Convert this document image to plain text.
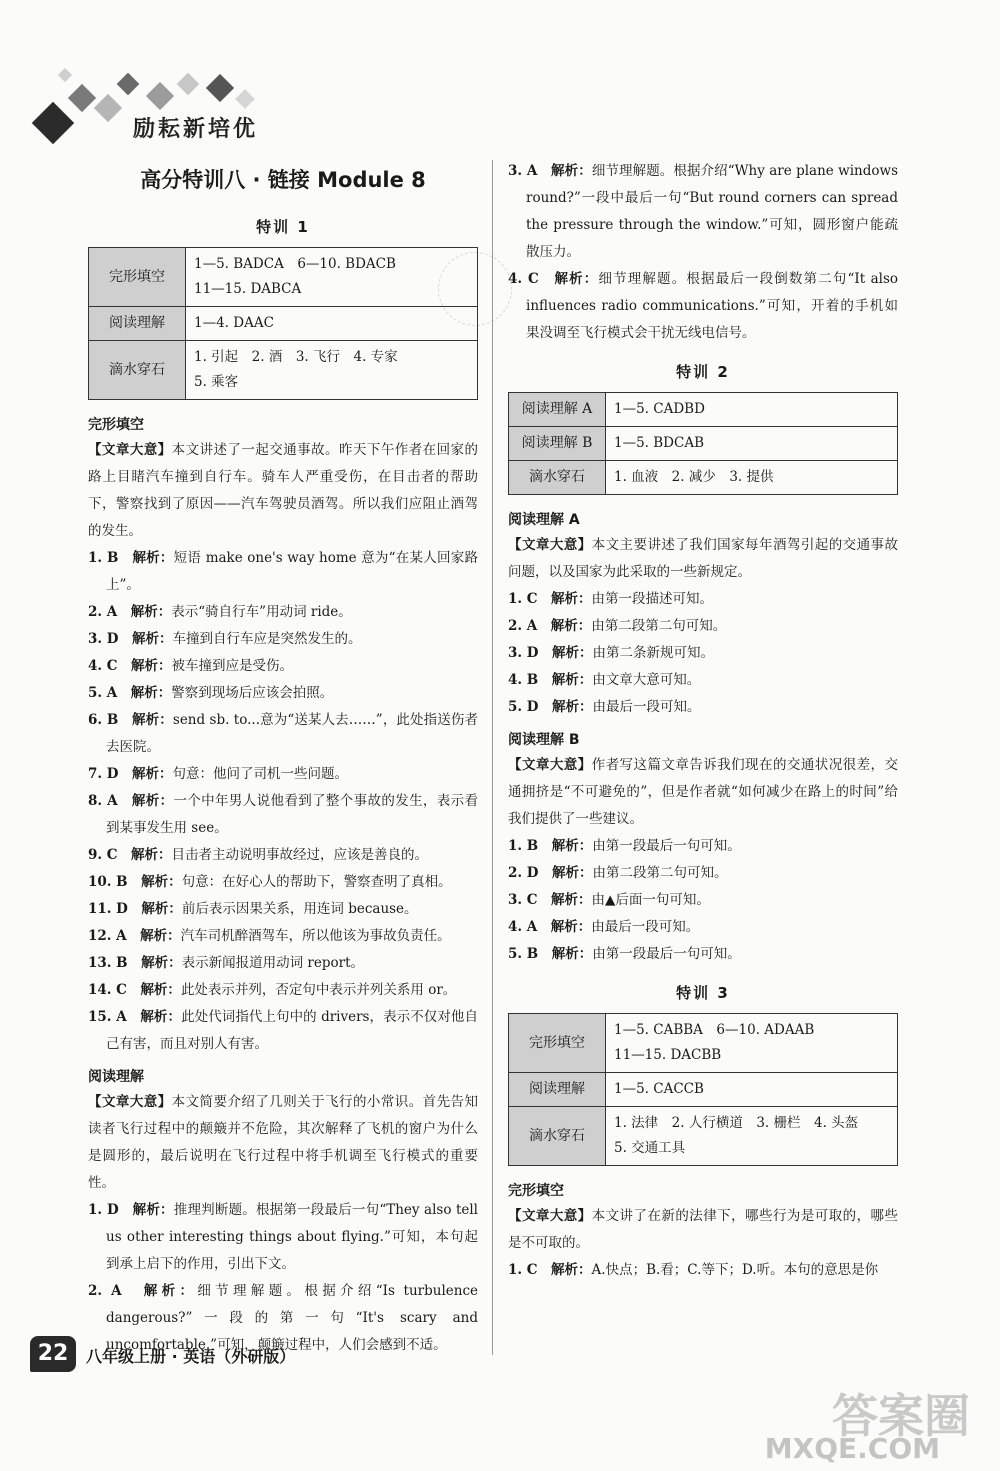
励耘新培优
高分特训八 · 链接 Module 8
特训 1
完形填空	1—5. BADCA　6—10. BDACB
11—15. DABCA

阅读理解	1—4. DAAC

滴水穿石	1. 引起　2. 酒　3. 飞行　4. 专家
5. 乘客
完形填空

【文章大意】本文讲述了一起交通事故。昨天下午作者在回家的路上目睹汽车撞到自行车。骑车人严重受伤，在目击者的帮助下，警察找到了原因——汽车驾驶员酒驾。所以我们应阻止酒驾的发生。

1. B　解析：短语 make one's way home 意为“在某人回家路上”。

2. A　解析：表示“骑自行车”用动词 ride。

3. D　解析：车撞到自行车应是突然发生的。

4. C　解析：被车撞到应是受伤。

5. A　解析：警察到现场后应该会拍照。

6. B　解析：send sb. to...意为“送某人去……”，此处指送伤者去医院。

7. D　解析：句意：他问了司机一些问题。

8. A　解析：一个中年男人说他看到了整个事故的发生，表示看到某事发生用 see。

9. C　解析：目击者主动说明事故经过，应该是善良的。

10. B　解析：句意：在好心人的帮助下，警察查明了真相。

11. D　解析：前后表示因果关系，用连词 because。

12. A　解析：汽车司机醉酒驾车，所以他该为事故负责任。

13. B　解析：表示新闻报道用动词 report。

14. C　解析：此处表示并列，否定句中表示并列关系用 or。

15. A　解析：此处代词指代上句中的 drivers，表示不仅对他自己有害，而且对别人有害。

阅读理解

【文章大意】本文简要介绍了几则关于飞行的小常识。首先告知读者飞行过程中的颠簸并不危险，其次解释了飞机的窗户为什么是圆形的，最后说明在飞行过程中将手机调至飞行模式的重要性。

1. D　解析：推理判断题。根据第一段最后一句“They also tell us other interesting things about flying.”可知，本句起到承上启下的作用，引出下文。

2. A　解析：细节理解题。根据介绍“Is turbulence dangerous?”一段的第一句“It's scary and uncomfortable.”可知，颠簸过程中，人们会感到不适。

3. A　解析：细节理解题。根据介绍“Why are plane windows round?”一段中最后一句“But round corners can spread the pressure through the window.”可知，圆形窗户能疏散压力。

4. C　解析：细节理解题。根据最后一段倒数第二句“It also influences radio communications.”可知，开着的手机如果没调至飞行模式会干扰无线电信号。

特训 2
阅读理解 A	1—5. CADBD
阅读理解 B	1—5. BDCAB
滴水穿石	1. 血液　2. 减少　3. 提供
阅读理解 A

【文章大意】本文主要讲述了我们国家每年酒驾引起的交通事故问题，以及国家为此采取的一些新规定。

1. C　解析：由第一段描述可知。

2. A　解析：由第二段第二句可知。

3. D　解析：由第二条新规可知。

4. B　解析：由文章大意可知。

5. D　解析：由最后一段可知。

阅读理解 B

【文章大意】作者写这篇文章告诉我们现在的交通状况很差，交通拥挤是“不可避免的”，但是作者就“如何减少在路上的时间”给我们提供了一些建议。

1. B　解析：由第一段最后一句可知。

2. D　解析：由第二段第二句可知。

3. C　解析：由▲后面一句可知。

4. A　解析：由最后一段可知。

5. B　解析：由第一段最后一句可知。

特训 3
完形填空	1—5. CABBA　6—10. ADAAB
11—15. DACBB

阅读理解	1—5. CACCB
滴水穿石	1. 法律　2. 人行横道　3. 栅栏　4. 头盔
5. 交通工具
完形填空

【文章大意】本文讲了在新的法律下，哪些行为是可取的，哪些是不可取的。

1. C　解析：A.快点；B.看；C.等下；D.听。本句的意思是你

22	八年级上册 · 英语（外研版）
答案圈
MXQE.COM
